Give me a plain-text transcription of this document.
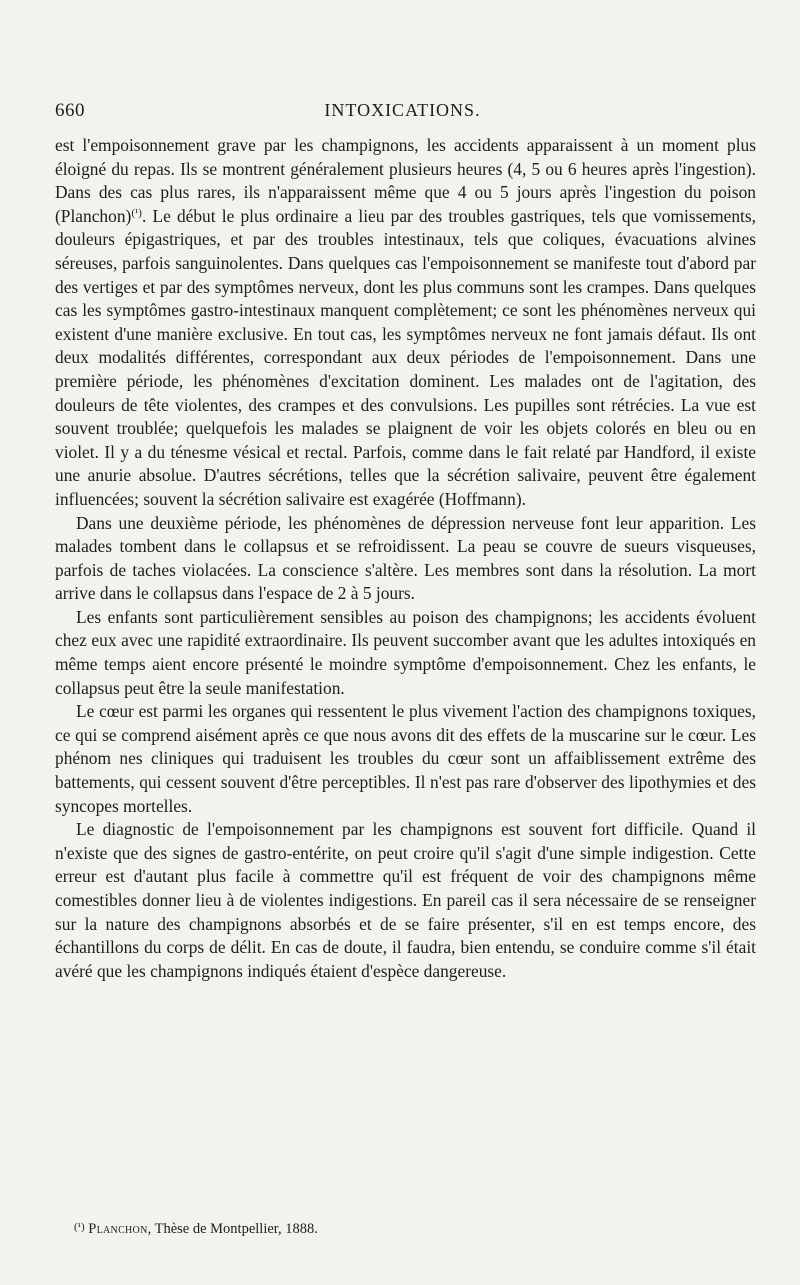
660	INTOXICATIONS.

est l'empoisonnement grave par les champignons, les accidents apparaissent à un moment plus éloigné du repas. Ils se montrent généralement plusieurs heures (4, 5 ou 6 heures après l'ingestion). Dans des cas plus rares, ils n'apparaissent même que 4 ou 5 jours après l'ingestion du poison (Planchon)$^{(^1)}$. Le début le plus ordinaire a lieu par des troubles gastriques, tels que vomissements, douleurs épigastriques, et par des troubles intestinaux, tels que coliques, évacuations alvines séreuses, parfois sanguinolentes. Dans quelques cas l'empoisonnement se manifeste tout d'abord par des vertiges et par des symptômes nerveux, dont les plus communs sont les crampes. Dans quelques cas les symptômes gastro-intestinaux manquent complètement; ce sont les phénomènes nerveux qui existent d'une manière exclusive. En tout cas, les symptômes nerveux ne font jamais défaut. Ils ont deux modalités différentes, correspondant aux deux périodes de l'empoisonnement. Dans une première période, les phénomènes d'excitation dominent. Les malades ont de l'agitation, des douleurs de tête violentes, des crampes et des convulsions. Les pupilles sont rétrécies. La vue est souvent troublée; quelquefois les malades se plaignent de voir les objets colorés en bleu ou en violet. Il y a du ténesme vésical et rectal. Parfois, comme dans le fait relaté par Handford, il existe une anurie absolue. D'autres sécrétions, telles que la sécrétion salivaire, peuvent être également influencées; souvent la sécrétion salivaire est exagérée (Hoffmann).

Dans une deuxième période, les phénomènes de dépression nerveuse font leur apparition. Les malades tombent dans le collapsus et se refroidissent. La peau se couvre de sueurs visqueuses, parfois de taches violacées. La conscience s'altère. Les membres sont dans la résolution. La mort arrive dans le collapsus dans l'espace de 2 à 5 jours.

Les enfants sont particulièrement sensibles au poison des champignons; les accidents évoluent chez eux avec une rapidité extraordinaire. Ils peuvent succomber avant que les adultes intoxiqués en même temps aient encore présenté le moindre symptôme d'empoisonnement. Chez les enfants, le collapsus peut être la seule manifestation.

Le cœur est parmi les organes qui ressentent le plus vivement l'action des champignons toxiques, ce qui se comprend aisément après ce que nous avons dit des effets de la muscarine sur le cœur. Les phénom nes cliniques qui traduisent les troubles du cœur sont un affaiblissement extrême des battements, qui cessent souvent d'être perceptibles. Il n'est pas rare d'observer des lipothymies et des syncopes mortelles.

Le diagnostic de l'empoisonnement par les champignons est souvent fort difficile. Quand il n'existe que des signes de gastro-entérite, on peut croire qu'il s'agit d'une simple indigestion. Cette erreur est d'autant plus facile à commettre qu'il est fréquent de voir des champignons même comestibles donner lieu à de violentes indigestions. En pareil cas il sera nécessaire de se renseigner sur la nature des champignons absorbés et de se faire présenter, s'il en est temps encore, des échantillons du corps de délit. En cas de doute, il faudra, bien entendu, se conduire comme s'il était avéré que les champignons indiqués étaient d'espèce dangereuse.

$^{(^1)}$ Planchon, Thèse de Montpellier, 1888.
